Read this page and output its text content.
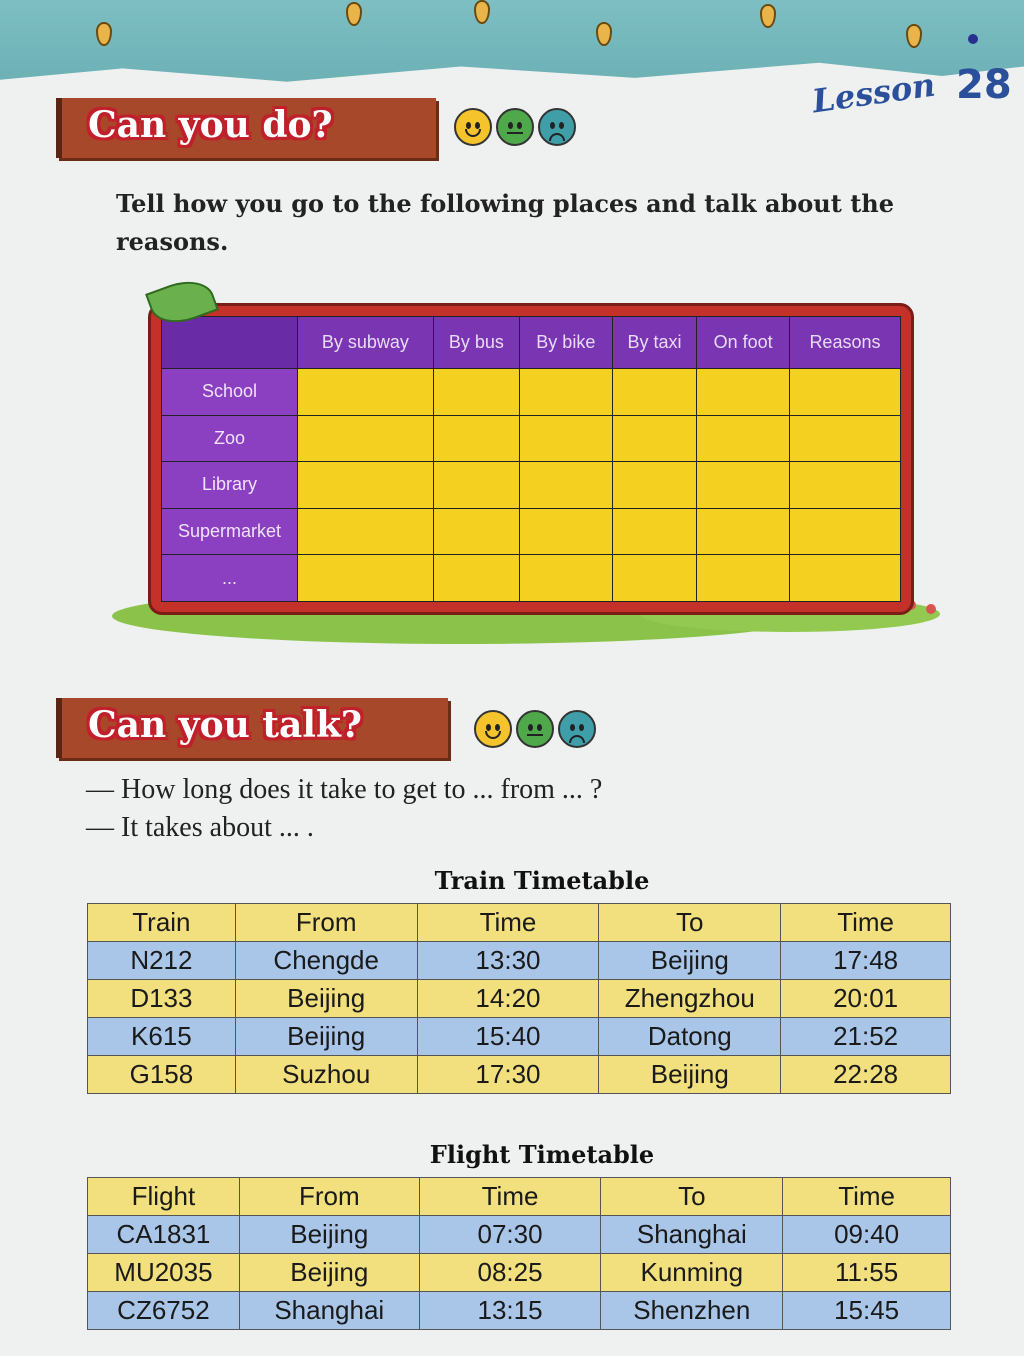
Lesson 28
Can you do?

Tell how you go to the following places and talk about the reasons.

	By subway	By bus	By bike	By taxi	On foot	Reasons
School						
Zoo						
Library						
Supermarket						
...						
Can you talk?

— How long does it take to get to ... from ... ?

— It takes about ... .

Train Timetable
Train	From	Time	To	Time
N212	Chengde	13:30	Beijing	17:48
D133	Beijing	14:20	Zhengzhou	20:01
K615	Beijing	15:40	Datong	21:52
G158	Suzhou	17:30	Beijing	22:28
Flight Timetable
Flight	From	Time	To	Time
CA1831	Beijing	07:30	Shanghai	09:40
MU2035	Beijing	08:25	Kunming	11:55
CZ6752	Shanghai	13:15	Shenzhen	15:45
